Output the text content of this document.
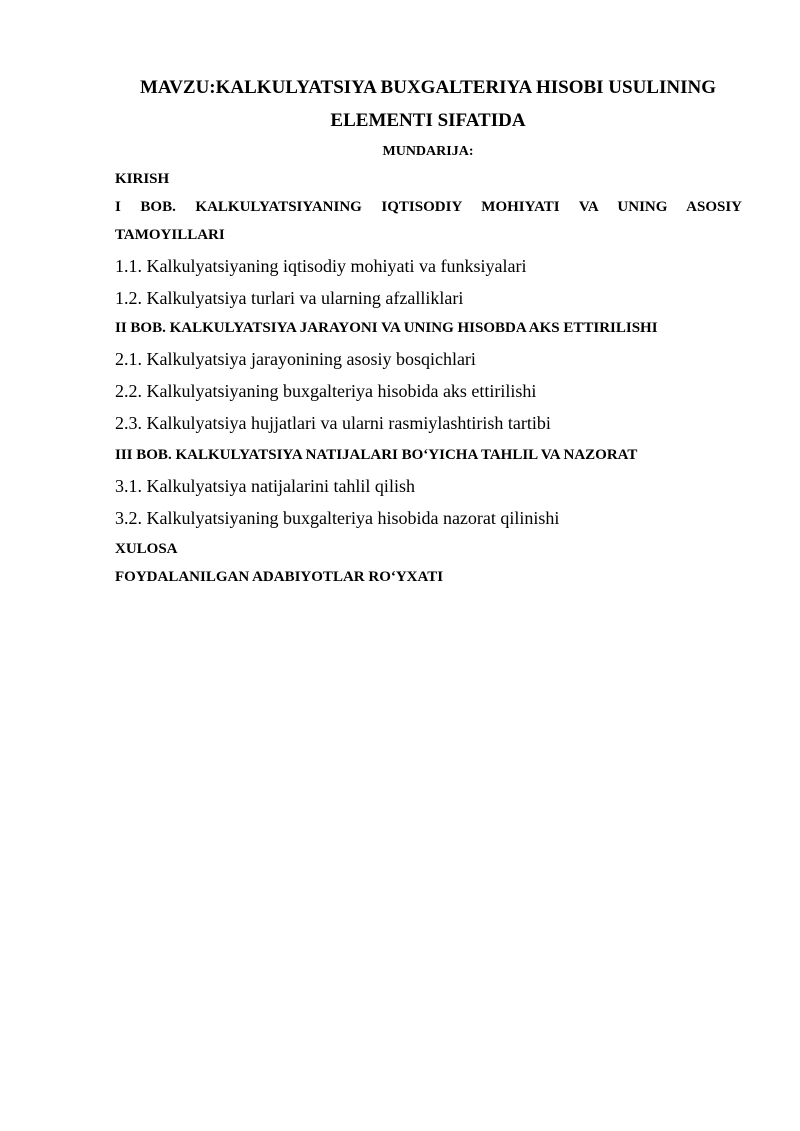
MAVZU:KALKULYATSIYA BUXGALTERIYA HISOBI USULINING
ELEMENTI SIFATIDA
MUNDARIJA:
KIRISH
I BOB. KALKULYATSIYANING IQTISODIY MOHIYATI VA UNING ASOSIY
TAMOYILLARI
1.1. Kalkulyatsiyaning iqtisodiy mohiyati va funksiyalari
1.2. Kalkulyatsiya turlari va ularning afzalliklari
II BOB. KALKULYATSIYA JARAYONI VA UNING HISOBDA AKS ETTIRILISHI
2.1. Kalkulyatsiya jarayonining asosiy bosqichlari
2.2. Kalkulyatsiyaning buxgalteriya hisobida aks ettirilishi
2.3. Kalkulyatsiya hujjatlari va ularni rasmiylashtirish tartibi
III BOB. KALKULYATSIYA NATIJALARI BO‘YICHA TAHLIL VA NAZORAT
3.1. Kalkulyatsiya natijalarini tahlil qilish
3.2. Kalkulyatsiyaning buxgalteriya hisobida nazorat qilinishi
XULOSA
FOYDALANILGAN ADABIYOTLAR RO‘YXATI
